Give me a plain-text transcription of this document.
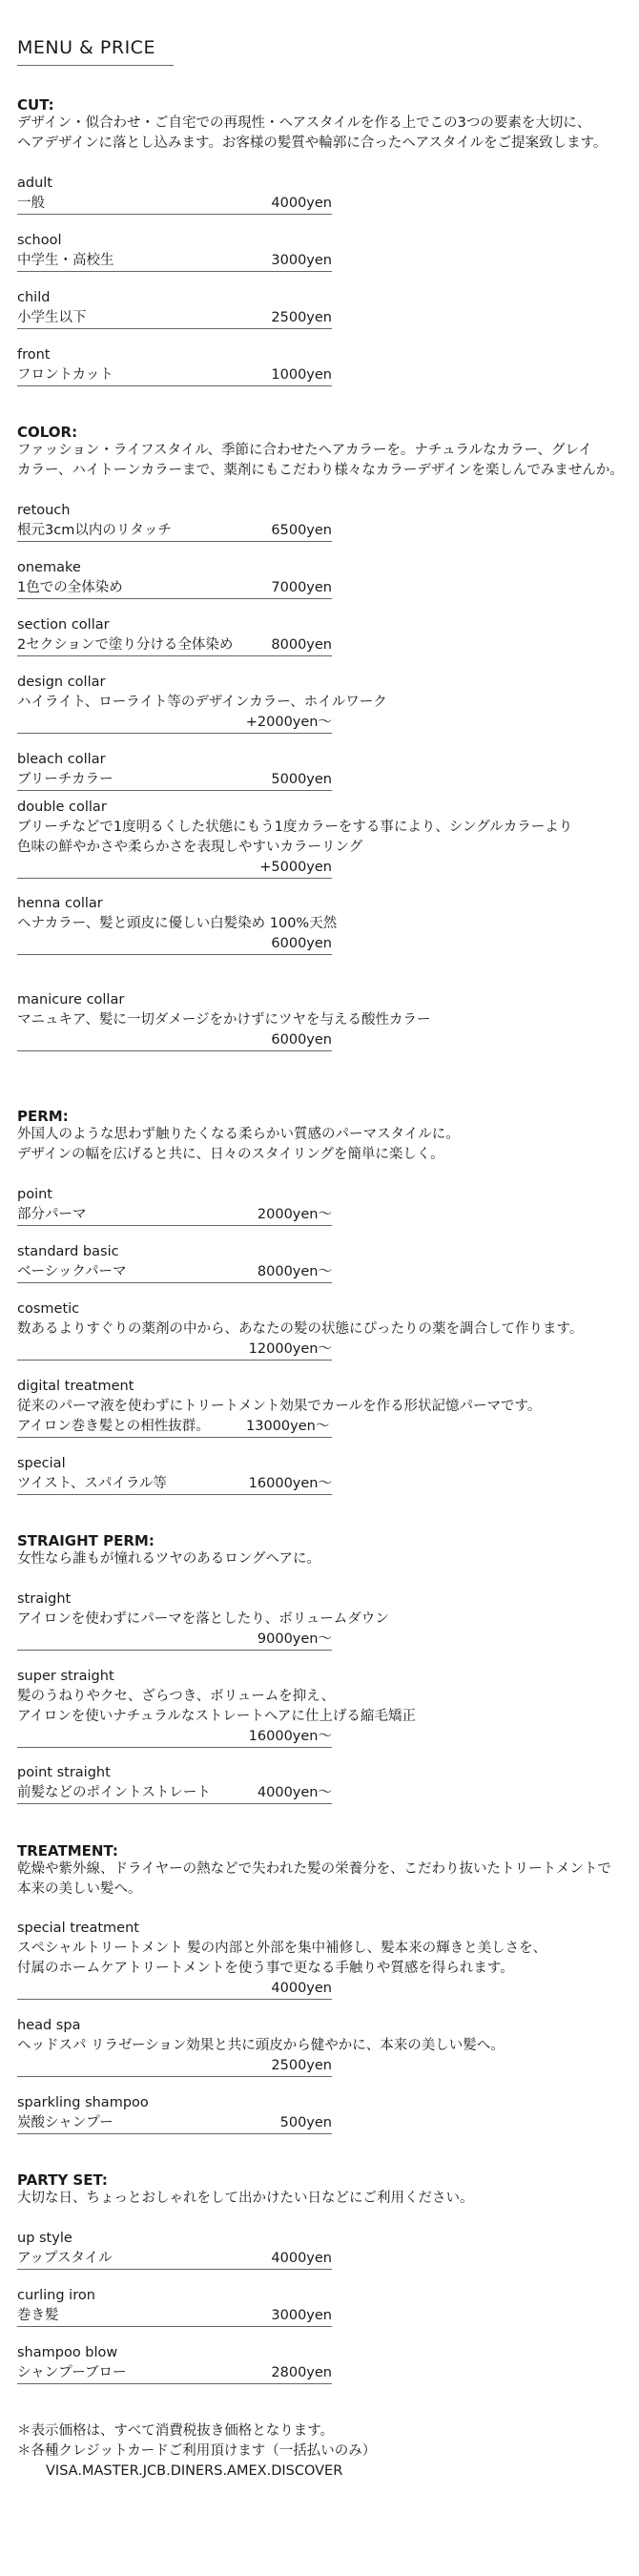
MENU & PRICE
CUT:
デザイン・似合わせ・ご自宅での再現性・ヘアスタイルを作る上でこの3つの要素を大切に、
ヘアデザインに落とし込みます。お客様の髪質や輪郭に合ったヘアスタイルをご提案致します。
adult
一般	4000yen
school
中学生・高校生	3000yen
child
小学生以下	2500yen
front
フロントカット	1000yen
COLOR:
ファッション・ライフスタイル、季節に合わせたヘアカラーを。ナチュラルなカラー、グレイ
カラー、ハイトーンカラーまで、薬剤にもこだわり様々なカラーデザインを楽しんでみませんか。
retouch
根元3cm以内のリタッチ	6500yen
onemake
1色での全体染め	7000yen
section collar
2セクションで塗り分ける全体染め	8000yen
design collar
ハイライト、ローライト等のデザインカラー、ホイルワーク
+2000yen〜
bleach collar
ブリーチカラー	5000yen
double collar
ブリーチなどで1度明るくした状態にもう1度カラーをする事により、シングルカラーより
色味の鮮やかさや柔らかさを表現しやすいカラーリング
+5000yen
henna collar
ヘナカラー、髪と頭皮に優しい白髪染め 100%天然
6000yen
manicure collar
マニュキア、髪に一切ダメージをかけずにツヤを与える酸性カラー
6000yen
PERM:
外国人のような思わず触りたくなる柔らかい質感のパーマスタイルに。
デザインの幅を広げると共に、日々のスタイリングを簡単に楽しく。
point
部分パーマ	2000yen〜
standard basic
ベーシックパーマ	8000yen〜
cosmetic
数あるよりすぐりの薬剤の中から、あなたの髪の状態にぴったりの薬を調合して作ります。
12000yen〜
digital treatment
従来のパーマ液を使わずにトリートメント効果でカールを作る形状記憶パーマです。
アイロン巻き髪との相性抜群。	13000yen〜
special
ツイスト、スパイラル等	16000yen〜
STRAIGHT PERM:
女性なら誰もが憧れるツヤのあるロングヘアに。
straight
アイロンを使わずにパーマを落としたり、ボリュームダウン
9000yen〜
super straight
髪のうねりやクセ、ざらつき、ボリュームを抑え、
アイロンを使いナチュラルなストレートヘアに仕上げる縮毛矯正
16000yen〜
point straight
前髪などのポイントストレート	4000yen〜
TREATMENT:
乾燥や紫外線、ドライヤーの熱などで失われた髪の栄養分を、こだわり抜いたトリートメントで
本来の美しい髪へ。
special treatment
スペシャルトリートメント 髪の内部と外部を集中補修し、髪本来の輝きと美しさを、
付属のホームケアトリートメントを使う事で更なる手触りや質感を得られます。
4000yen
head spa
ヘッドスパ リラゼーション効果と共に頭皮から健やかに、本来の美しい髪へ。
2500yen
sparkling shampoo
炭酸シャンプー	500yen
PARTY SET:
大切な日、ちょっとおしゃれをして出かけたい日などにご利用ください。
up style
アップスタイル	4000yen
curling iron
巻き髪	3000yen
shampoo blow
シャンプーブロー	2800yen
＊表示価格は、すべて消費税抜き価格となります。
＊各種クレジットカードご利用頂けます（一括払いのみ）
VISA.MASTER.JCB.DINERS.AMEX.DISCOVER
